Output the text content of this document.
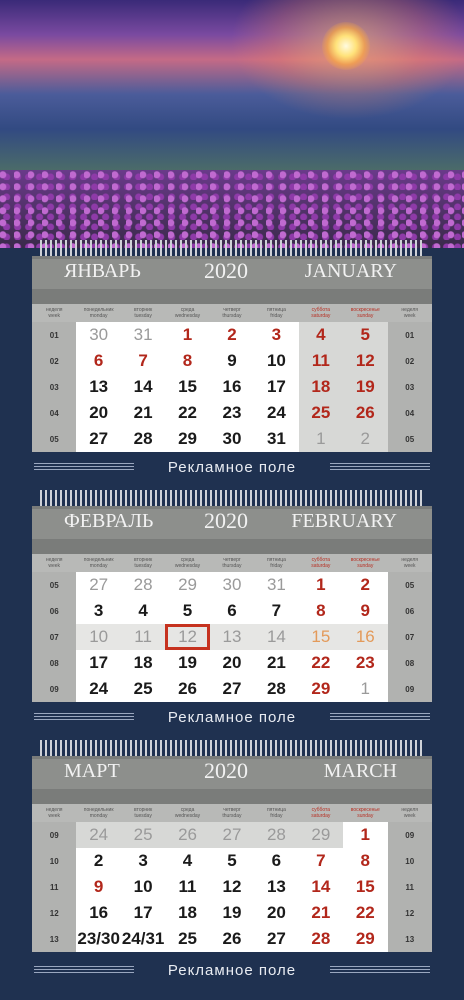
ЯНВАРЬ	2020	JANUARY
неделя
week
понедельник
monday
вторник
tuesday
среда
wednesday
четверг
thursday
пятница
friday
суббота
saturday
воскресенье
sunday
неделя
week
01	30	31	1	2	3	4	5	01
02	6	7	8	9	10	11	12	02
03	13	14	15	16	17	18	19	03
04	20	21	22	23	24	25	26	04
05	27	28	29	30	31	1	2	05
Рекламное поле
ФЕВРАЛЬ 2020 FEBRUARY
неделя
week
понедельник
monday
вторник
tuesday
среда
wednesday
четверг
thursday
пятница
friday
суббота
saturday
воскресенье
sunday
неделя
week
05	27	28	29	30	31	1	2	05
06	3	4	5	6	7	8	9	06
07	10	11	12	13	14	15	16	07
08	17	18	19	20	21	22	23	08
09	24	25	26	27	28	29	1	09
Рекламное поле
МАРТ	2020	MARCH
неделя
week
понедельник
monday
вторник
tuesday
среда
wednesday
четверг
thursday
пятница
friday
суббота
saturday
воскресенье
sunday
неделя
week
09	24	25	26	27	28	29	1	09
10	2	3	4	5	6	7	8	10
11	9	10	11	12	13	14	15	11
12	16	17	18	19	20	21	22	12
13	23/30 24/31 25	26	27	28	29	13
Рекламное поле
